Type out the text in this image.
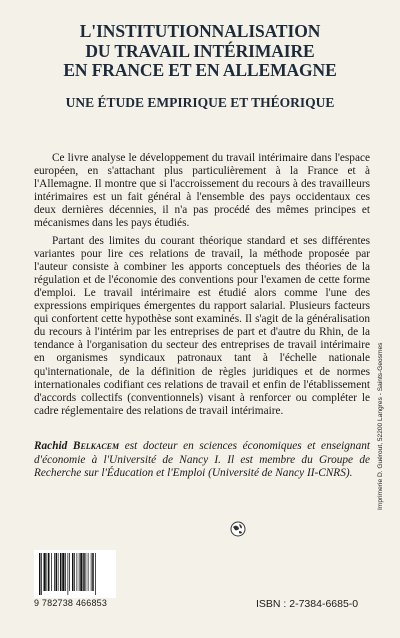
L'INSTITUTIONNALISATION
DU TRAVAIL INTÉRIMAIRE
EN FRANCE ET EN ALLEMAGNE
UNE ÉTUDE EMPIRIQUE ET THÉORIQUE

Ce livre analyse le développement du travail intérimaire dans l'espace européen, en s'attachant plus particulièrement à la France et à l'Allemagne. Il montre que si l'accroissement du recours à des travailleurs intérimaires est un fait général à l'ensemble des pays occidentaux ces deux dernières décennies, il n'a pas procédé des mêmes principes et mécanismes dans les pays étudiés.

Partant des limites du courant théorique standard et ses différentes variantes pour lire ces relations de travail, la méthode proposée par l'auteur consiste à combiner les apports conceptuels des théories de la régulation et de l'économie des conventions pour l'examen de cette forme d'emploi. Le travail intérimaire est étudié alors comme l'une des expressions empiriques émergentes du rapport salarial. Plusieurs facteurs qui confortent cette hypothèse sont examinés. Il s'agit de la généralisation du recours à l'intérim par les entreprises de part et d'autre du Rhin, de la tendance à l'organisation du secteur des entreprises de travail intérimaire en organismes syndicaux patronaux tant à l'échelle nationale qu'internationale, de la définition de règles juridiques et de normes internationales codifiant ces relations de travail et enfin de l'établissement d'accords collectifs (conventionnels) visant à renforcer ou compléter le cadre réglementaire des relations de travail intérimaire.

Rachid Belkacem est docteur en sciences économiques et enseignant d'économie à l'Université de Nancy I. Il est membre du Groupe de Recherche sur l'Éducation et l'Emploi (Université de Nancy II-CNRS).
9 782738 466853	ISBN : 2-7384-6685-0
Imprimerie D. Guérout, 52200 Langres - Saints-Geosmes
